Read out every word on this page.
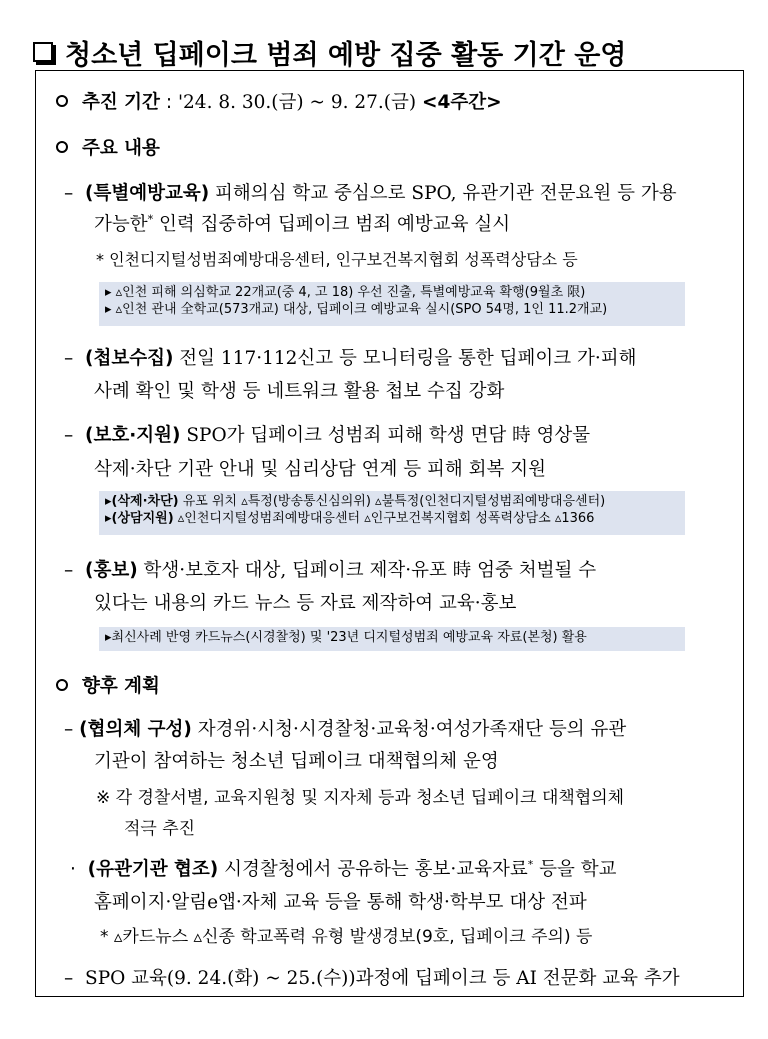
청소년 딥페이크 범죄 예방 집중 활동 기간 운영
추진 기간 : '24. 8. 30.(금) ~ 9. 27.(금) <4주간>
주요 내용
–  (특별예방교육) 피해의심 학교 중심으로 SPO, 유관기관 전문요원 등 가용
가능한* 인력 집중하여 딥페이크 범죄 예방교육 실시
* 인천디지털성범죄예방대응센터, 인구보건복지협회 성폭력상담소 등
▸ ▵인천 피해 의심학교 22개교(중 4, 고 18) 우선 진출, 특별예방교육 확행(9월초 限)
▸ ▵인천 관내 全학교(573개교) 대상, 딥페이크 예방교육 실시(SPO 54명, 1인 11.2개교)
–  (첩보수집) 전일 117·112신고 등 모니터링을 통한 딥페이크 가·피해
사례 확인 및 학생 등 네트워크 활용 첩보 수집 강화
–  (보호·지원) SPO가 딥페이크 성범죄 피해 학생 면담 時 영상물
삭제·차단 기관 안내 및 심리상담 연계 등 피해 회복 지원
▸(삭제·차단) 유포 위치 ▵특정(방송통신심의위) ▵불특정(인천디지털성범죄예방대응센터)
▸(상담지원) ▵인천디지털성범죄예방대응센터 ▵인구보건복지협회 성폭력상담소 ▵1366
–  (홍보) 학생·보호자 대상, 딥페이크 제작·유포 時 엄중 처벌될 수
있다는 내용의 카드 뉴스 등 자료 제작하여 교육·홍보
▸최신사례 반영 카드뉴스(시경찰청) 및 '23년 디지털성범죄 예방교육 자료(본청) 활용
향후 계획
– (협의체 구성) 자경위·시청·시경찰청·교육청·여성가족재단 등의 유관
기관이 참여하는 청소년 딥페이크 대책협의체 운영
※ 각 경찰서별, 교육지원청 및 지자체 등과 청소년 딥페이크 대책협의체
적극 추진
·  (유관기관 협조) 시경찰청에서 공유하는 홍보·교육자료* 등을 학교
홈페이지·알림e앱·자체 교육 등을 통해 학생·학부모 대상 전파
* ▵카드뉴스 ▵신종 학교폭력 유형 발생경보(9호, 딥페이크 주의) 등
–  SPO 교육(9. 24.(화) ~ 25.(수))과정에 딥페이크 등 AI 전문화 교육 추가
